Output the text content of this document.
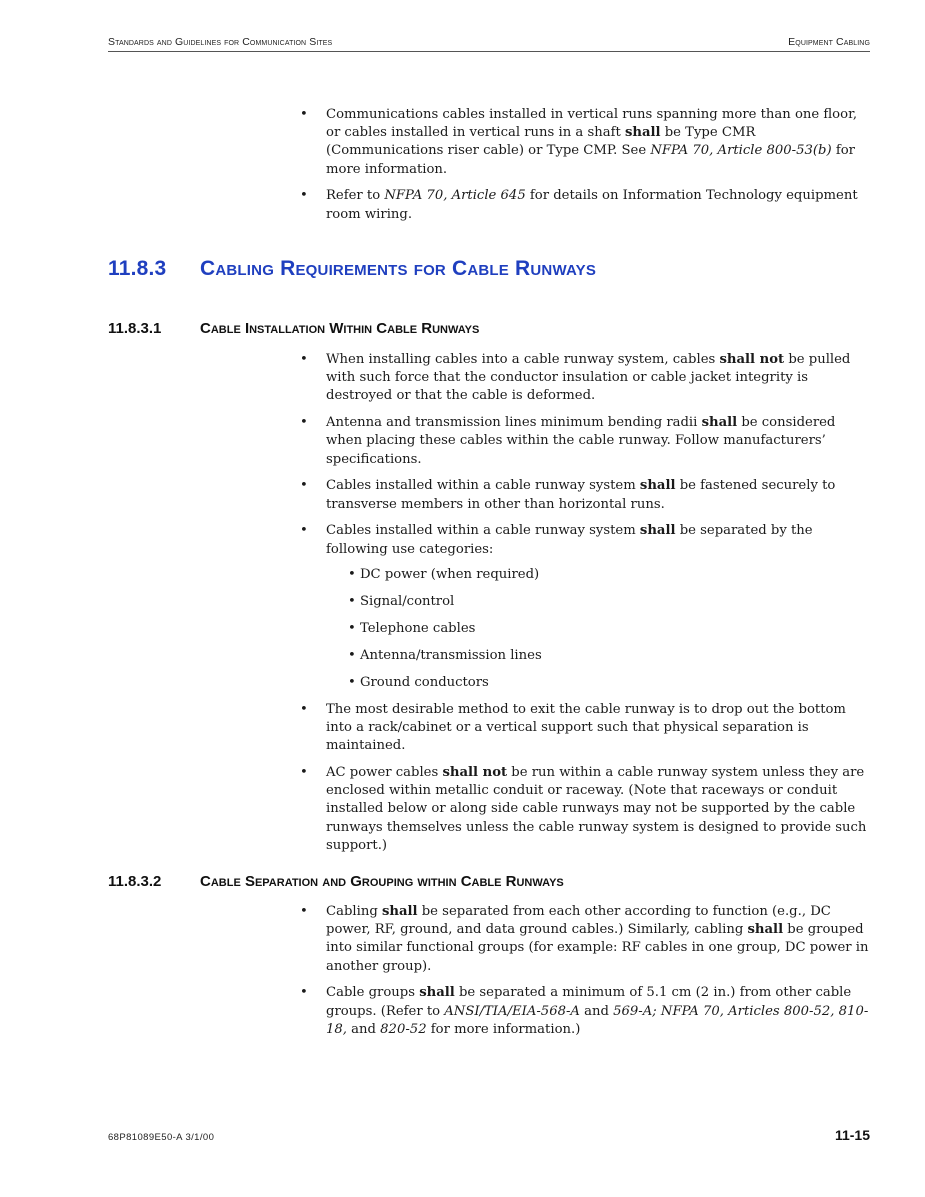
Standards and Guidelines for Communication Sites	Equipment Cabling
• Communications cables installed in vertical runs spanning more than one floor, or cables installed in vertical runs in a shaft shall be Type CMR (Communications riser cable) or Type CMP. See NFPA 70, Article 800-53(b) for more information.
• Refer to NFPA 70, Article 645 for details on Information Technology equipment room wiring.
11.8.3 Cabling Requirements for Cable Runways
11.8.3.1	Cable Installation Within Cable Runways
• When installing cables into a cable runway system, cables shall not be pulled with such force that the conductor insulation or cable jacket integrity is destroyed or that the cable is deformed.
• Antenna and transmission lines minimum bending radii shall be considered when placing these cables within the cable runway. Follow manufacturers’ specifications.
• Cables installed within a cable runway system shall be fastened securely to transverse members in other than horizontal runs.
• Cables installed within a cable runway system shall be separated by the following use categories:
• DC power (when required)
• Signal/control
• Telephone cables
• Antenna/transmission lines
• Ground conductors
• The most desirable method to exit the cable runway is to drop out the bottom into a rack/cabinet or a vertical support such that physical separation is maintained.
• AC power cables shall not be run within a cable runway system unless they are enclosed within metallic conduit or raceway. (Note that raceways or conduit installed below or along side cable runways may not be supported by the cable runways themselves unless the cable runway system is designed to provide such support.)
11.8.3.2	Cable Separation and Grouping within Cable Runways
• Cabling shall be separated from each other according to function (e.g., DC power, RF, ground, and data ground cables.) Similarly, cabling shall be grouped into similar functional groups (for example: RF cables in one group, DC power in another group).
• Cable groups shall be separated a minimum of 5.1 cm (2 in.) from other cable groups. (Refer to ANSI/TIA/EIA-568-A and 569-A; NFPA 70, Articles 800-52, 810-18, and 820-52 for more information.)
68P81089E50-A 3/1/00	11-15
